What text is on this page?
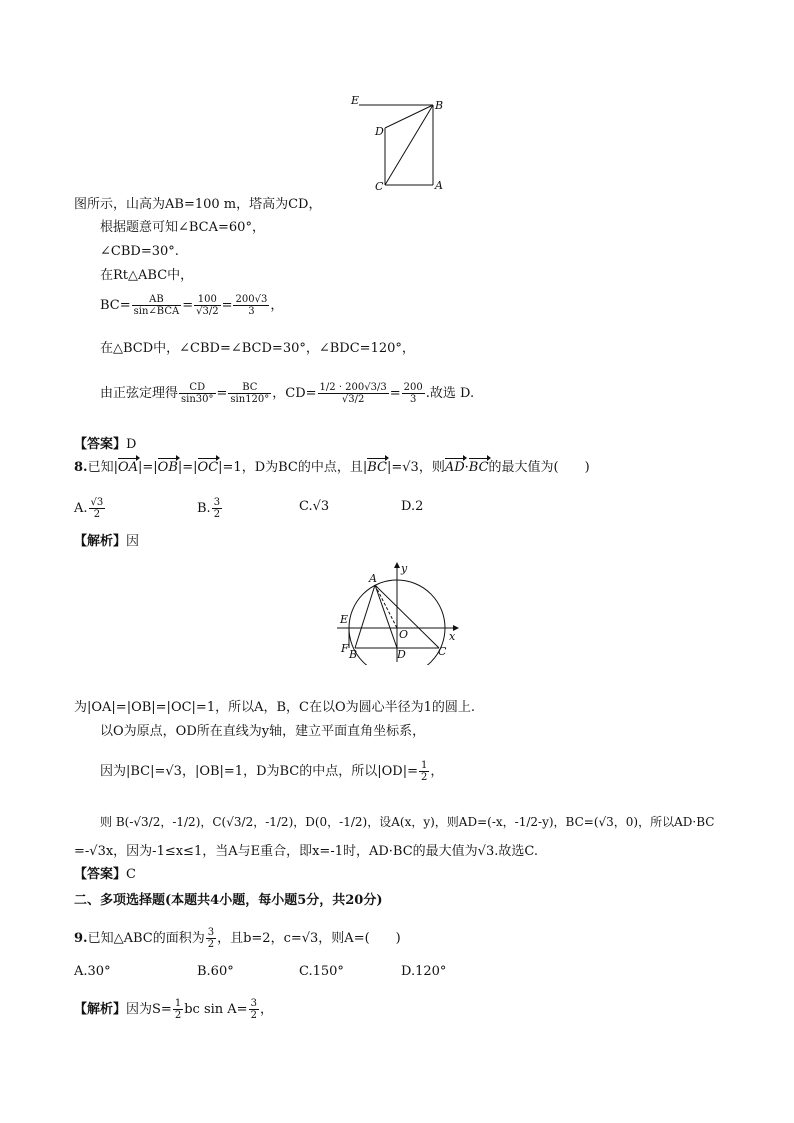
E	B
D
C	A
图所示，山高为AB=100 m，塔高为CD，
根据题意可知∠BCA=60°，
∠CBD=30°.
在Rt△ABC中，
$BC= \frac{AB}{\text{sin∠BCA}} = \frac{100}{√3/2} = \frac{200√3}{3}$ ，
在△BCD中，∠CBD=∠BCD=30°，∠BDC=120°，
由正弦定理得 $\frac{CD}{\sin 30^\circ} = \frac{BC}{\sin 120^\circ}$ ，$CD= \frac{1/2 \cdot 200√3/3}{√3/2} = \frac{200}{3}$ .故选 D.
【答案】D
8.已知|OA|=|OB|=|OC|=1，D为BC的中点，且|BC|=√3，则AD·BC的最大值为(　　)
A. $\frac{√3}{2}$	B. $\frac{3}{2}$	C.√3	D.2
【解析】因
A
y
E
O	x
F B	D	C
为|OA|=|OB|=|OC|=1，所以A，B，C在以O为圆心半径为1的圆上.
以O为原点，OD所在直线为y轴，建立平面直角坐标系，
因为|BC|=√3，|OB|=1，D为BC的中点，所以$|OD|= \frac{1}{2}$ ，
则 B(-√3/2，-1/2)，C(√3/2，-1/2)，D(0，-1/2)，设A(x，y)，则AD=(-x，-1/2-y)，BC=(√3，0)，所以AD·BC
=-√3x，因为-1≤x≤1，当A与E重合，即x=-1时，AD·BC的最大值为√3.故选C.
【答案】C
二、多项选择题(本题共4小题，每小题5分，共20分)
9.已知△ABC的面积为 $\frac{3}{2}$ ，且b=2，c=√3，则A=(　　)
A.30°	B.60°	C.150°	D.120°
【解析】因为$S= \frac{1}{2}$ bc $\sin A= \frac{3}{2}$ ，
